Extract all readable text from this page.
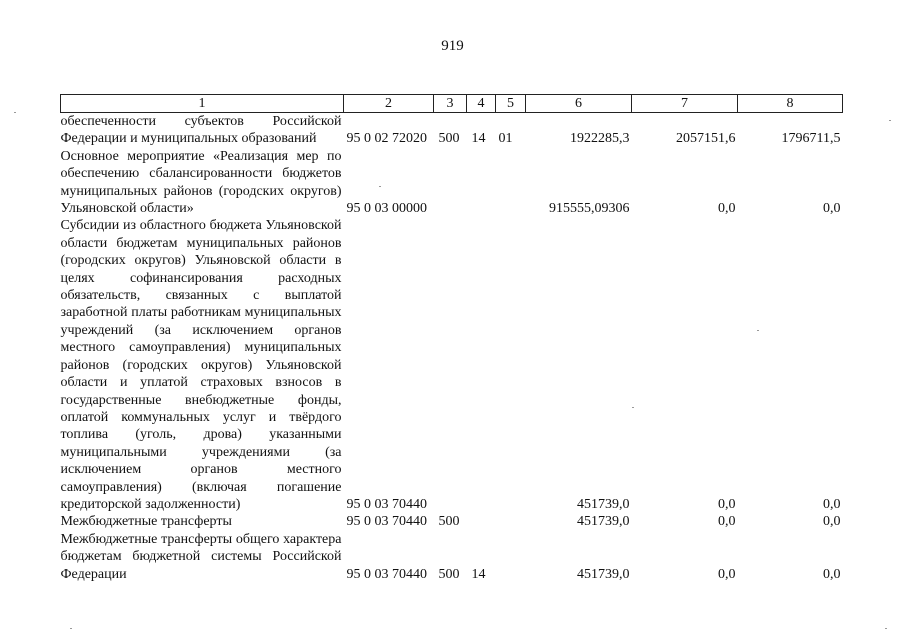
919
1	2	3	4	5	6	7	8
обеспеченности субъектов Российской Федерации и муниципальных образований	95 0 02 72020	500	14	01	1922285,3	2057151,6	1796711,5
Основное мероприятие «Реализация мер по обеспечению сбалансированности бюджетов муниципальных районов (городских округов) Ульяновской области»	95 0 03 00000				915555,09306	0,0	0,0
Субсидии из областного бюджета Ульяновской области бюджетам муниципальных районов (городских округов) Ульяновской области в целях софинансирования расходных обязательств, связанных с выплатой заработной платы работникам муниципальных учреждений (за исключением органов местного самоуправления) муниципальных районов (городских округов) Ульяновской области и уплатой страховых взносов в государственные внебюджетные фонды, оплатой коммунальных услуг и твёрдого топлива (уголь, дрова) указанными муниципальными учреждениями (за исключением органов местного самоуправления) (включая погашение кредиторской задолженности)	95 0 03 70440				451739,0	0,0	0,0
Межбюджетные трансферты	95 0 03 70440	500			451739,0	0,0	0,0
Межбюджетные трансферты общего характера бюджетам бюджетной системы Российской Федерации	95 0 03 70440	500	14		451739,0	0,0	0,0
